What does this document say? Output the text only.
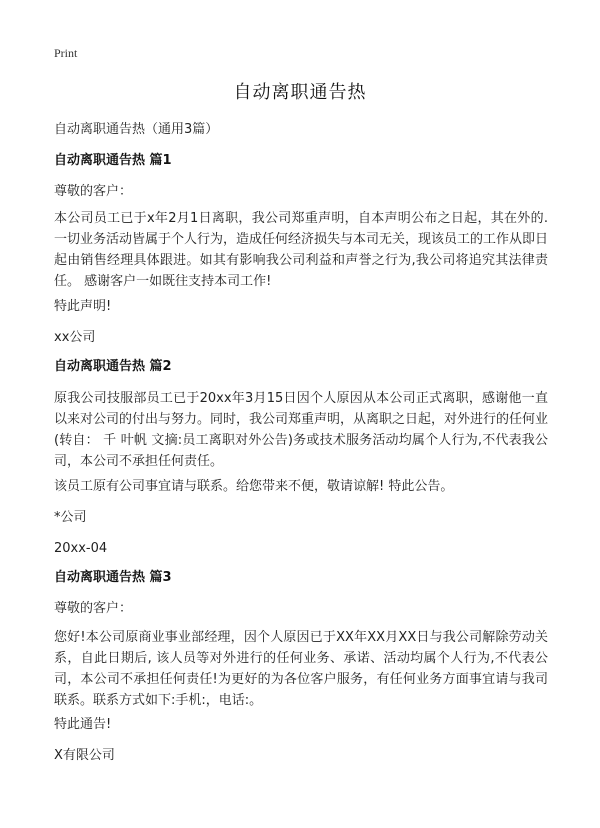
Print
自动离职通告热
自动离职通告热（通用3篇）
自动离职通告热 篇1
尊敬的客户：
本公司员工已于x年2月1日离职，我公司郑重声明，自本声明公布之日起，其在外的.一切业务活动皆属于个人行为，造成任何经济损失与本司无关，现该员工的工作从即日起由销售经理具体跟进。如其有影响我公司利益和声誉之行为,我公司将追究其法律责任。 感谢客户一如既往支持本司工作!
特此声明!
xx公司
自动离职通告热 篇2
原我公司技服部员工已于20xx年3月15日因个人原因从本公司正式离职，感谢他一直以来对公司的付出与努力。同时，我公司郑重声明，从离职之日起，对外进行的任何业(转自： 千 叶帆 文摘:员工离职对外公告)务或技术服务活动均属个人行为,不代表我公司，本公司不承担任何责任。
该员工原有公司事宜请与联系。给您带来不便，敬请谅解! 特此公告。
*公司
20xx-04
自动离职通告热 篇3
尊敬的客户：
您好!本公司原商业事业部经理，因个人原因已于XX年XX月XX日与我公司解除劳动关系，自此日期后, 该人员等对外进行的任何业务、承诺、活动均属个人行为,不代表公司，本公司不承担任何责任!为更好的为各位客户服务，有任何业务方面事宜请与我司联系。联系方式如下:手机:，电话:。
特此通告!
X有限公司
